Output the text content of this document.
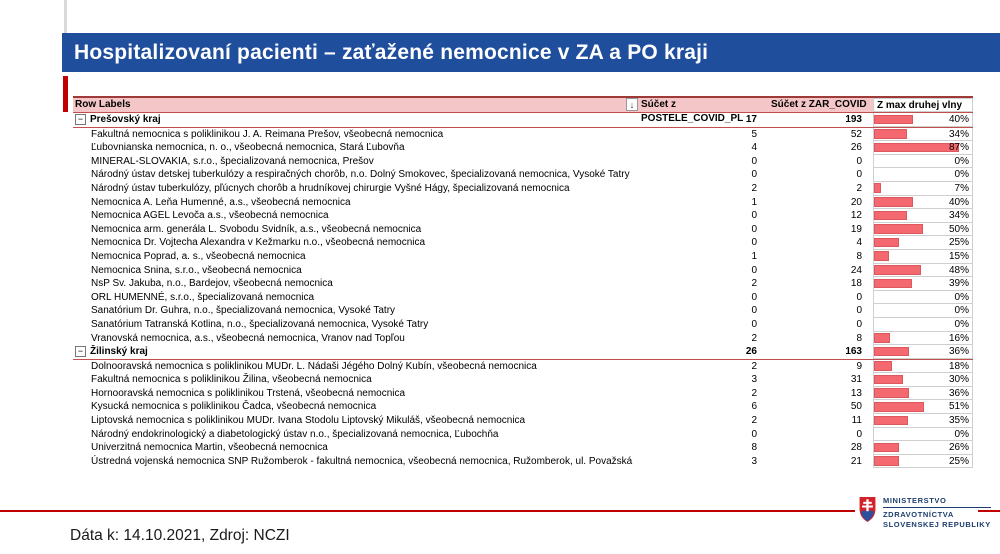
Hospitalizovaní pacienti – zaťažené nemocnice v ZA a PO kraji
Row Labels	↓ Súčet z POSTELE_COVID_PL
Súčet z ZAR_COVID	Z max druhej vlny
− Prešovský kraj	17	193	40%
Fakultná nemocnica s poliklinikou J. A. Reimana Prešov, všeobecná nemocnica	5	52	34%
Ľubovnianska nemocnica, n. o., všeobecná nemocnica, Stará Ľubovňa	4	26	87%
MINERAL-SLOVAKIA, s.r.o., špecializovaná nemocnica, Prešov	0	0	0%
Národný ústav detskej tuberkulózy a respiračných chorôb, n.o. Dolný Smokovec, špecializovaná nemocnica, Vysoké Tatry	0	0	0%
Národný ústav tuberkulózy, pľúcnych chorôb a hrudníkovej chirurgie Vyšné Hágy, špecializovaná nemocnica	2	2	7%
Nemocnica A. Leňa Humenné, a.s., všeobecná nemocnica	1	20	40%
Nemocnica AGEL Levoča a.s., všeobecná nemocnica	0	12	34%
Nemocnica arm. generála L. Svobodu Svidník, a.s., všeobecná nemocnica	0	19	50%
Nemocnica Dr. Vojtecha Alexandra v Kežmarku n.o., všeobecná nemocnica	0	4	25%
Nemocnica Poprad, a. s., všeobecná nemocnica	1	8	15%
Nemocnica Snina, s.r.o., všeobecná nemocnica	0	24	48%
NsP Sv. Jakuba, n.o., Bardejov, všeobecná nemocnica	2	18	39%
ORL HUMENNÉ, s.r.o., špecializovaná nemocnica	0	0	0%
Sanatórium Dr. Guhra, n.o., špecializovaná nemocnica, Vysoké Tatry	0	0	0%
Sanatórium Tatranská Kotlina, n.o., špecializovaná nemocnica, Vysoké Tatry	0	0	0%
Vranovská nemocnica, a.s., všeobecná nemocnica, Vranov nad Topľou	2	8	16%
− Žilinský kraj	26	163	36%
Dolnooravská nemocnica s poliklinikou MUDr. L. Nádaši Jégého Dolný Kubín, všeobecná nemocnica	2	9	18%
Fakultná nemocnica s poliklinikou Žilina, všeobecná nemocnica	3	31	30%
Hornooravská nemocnica s poliklinikou Trstená, všeobecná nemocnica	2	13	36%
Kysucká nemocnica s poliklinikou Čadca, všeobecná nemocnica	6	50	51%
Liptovská nemocnica s poliklinikou MUDr. Ivana Stodolu Liptovský Mikuláš, všeobecná nemocnica	2	11	35%
Národný endokrinologický a diabetologický ústav n.o., špecializovaná nemocnica, Ľubochňa	0	0	0%
Univerzitná nemocnica Martin, všeobecná nemocnica	8	28	26%
Ústredná vojenská nemocnica SNP Ružomberok - fakultná nemocnica, všeobecná nemocnica, Ružomberok, ul. Považská	3	21	25%
Dáta k: 14.10.2021, Zdroj: NCZI
MINISTERSTVO
ZDRAVOTNÍCTVA
SLOVENSKEJ REPUBLIKY
